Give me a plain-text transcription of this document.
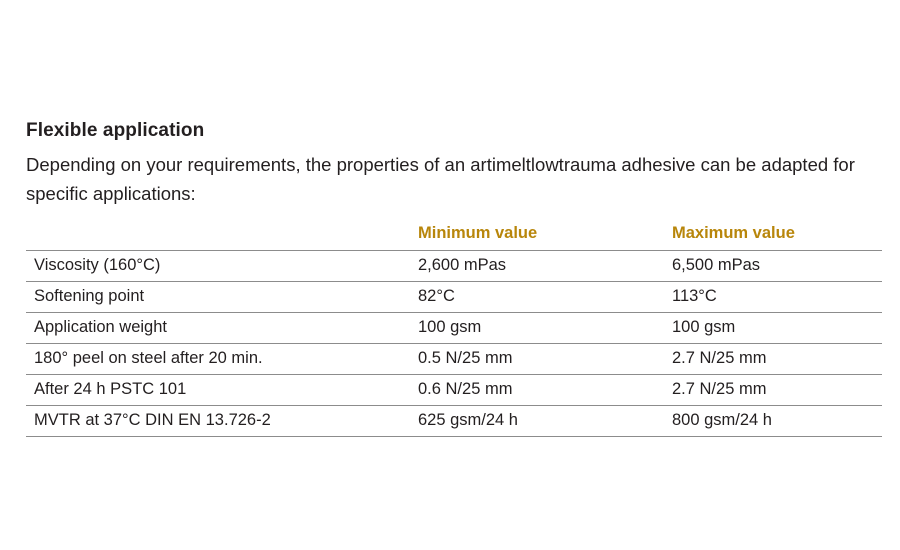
Flexible application

Depending on your requirements, the properties of an artimeltlowtrauma adhesive can be adapted for specific applications:

	Minimum value	Maximum value
Viscosity (160°C)	2,600 mPas	6,500 mPas
Softening point	82°C	113°C
Application weight	100 gsm	100 gsm
180° peel on steel after 20 min.	0.5 N/25 mm	2.7 N/25 mm
After 24 h PSTC 101	0.6 N/25 mm	2.7 N/25 mm
MVTR at 37°C DIN EN 13.726-2	625 gsm/24 h	800 gsm/24 h
